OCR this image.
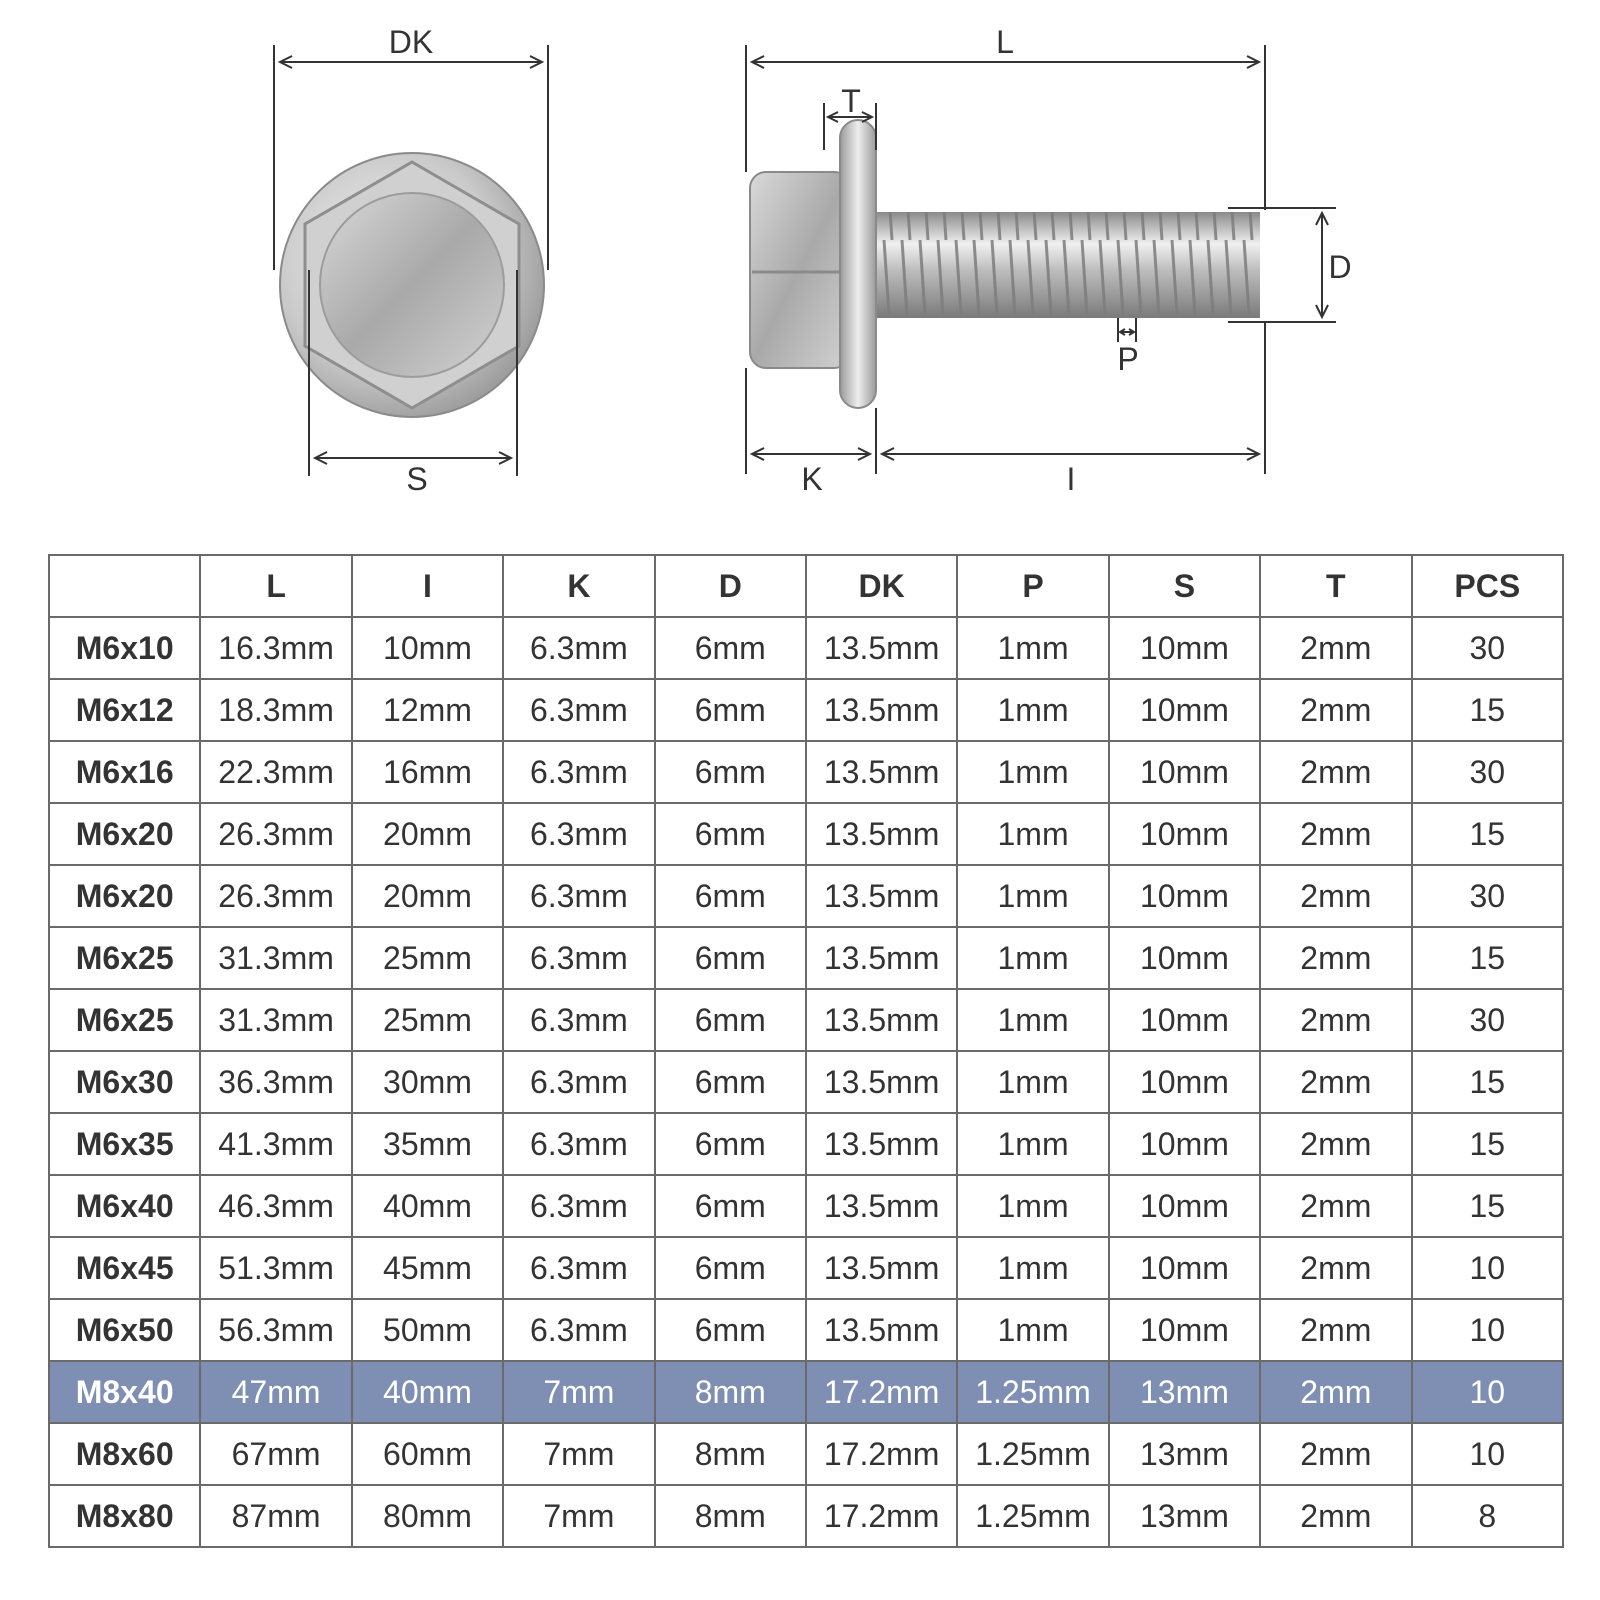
DK
S
L
T
D
P
K	I
	L	I	K	D	DK	P	S	T	PCS
M6x10	16.3mm	10mm	6.3mm	6mm	13.5mm	1mm	10mm	2mm	30
M6x12	18.3mm	12mm	6.3mm	6mm	13.5mm	1mm	10mm	2mm	15
M6x16	22.3mm	16mm	6.3mm	6mm	13.5mm	1mm	10mm	2mm	30
M6x20	26.3mm	20mm	6.3mm	6mm	13.5mm	1mm	10mm	2mm	15
M6x20	26.3mm	20mm	6.3mm	6mm	13.5mm	1mm	10mm	2mm	30
M6x25	31.3mm	25mm	6.3mm	6mm	13.5mm	1mm	10mm	2mm	15
M6x25	31.3mm	25mm	6.3mm	6mm	13.5mm	1mm	10mm	2mm	30
M6x30	36.3mm	30mm	6.3mm	6mm	13.5mm	1mm	10mm	2mm	15
M6x35	41.3mm	35mm	6.3mm	6mm	13.5mm	1mm	10mm	2mm	15
M6x40	46.3mm	40mm	6.3mm	6mm	13.5mm	1mm	10mm	2mm	15
M6x45	51.3mm	45mm	6.3mm	6mm	13.5mm	1mm	10mm	2mm	10
M6x50	56.3mm	50mm	6.3mm	6mm	13.5mm	1mm	10mm	2mm	10
M8x40	47mm	40mm	7mm	8mm	17.2mm	1.25mm	13mm	2mm	10
M8x60	67mm	60mm	7mm	8mm	17.2mm	1.25mm	13mm	2mm	10
M8x80	87mm	80mm	7mm	8mm	17.2mm	1.25mm	13mm	2mm	8
